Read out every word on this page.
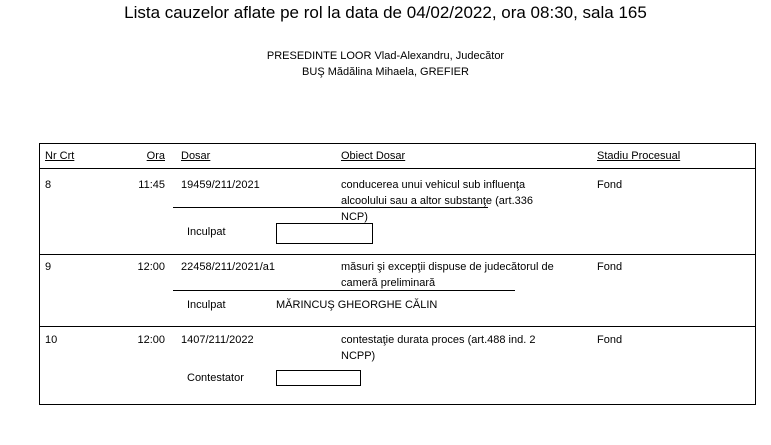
Lista cauzelor aflate pe rol la data de 04/02/2022, ora 08:30, sala 165
PRESEDINTE LOOR Vlad-Alexandru, Judecător
BUŞ Mădălina Mihaela, GREFIER
Nr Crt	Ora Dosar	Obiect Dosar	Stadiu Procesual
8	11:45 19459/211/2021	conducerea unui vehicul sub influenţa alcoolului sau a altor substanţe (art.336 NCP)
Fond
Inculpat
9	12:00 22458/211/2021/a1	măsuri şi excepţii dispuse de judecătorul de cameră preliminară
Fond
Inculpat	MĂRINCUŞ GHEORGHE CĂLIN
10	12:00 1407/211/2022	contestaţie durata proces (art.488 ind. 2 NCPP)
Fond
Contestator
